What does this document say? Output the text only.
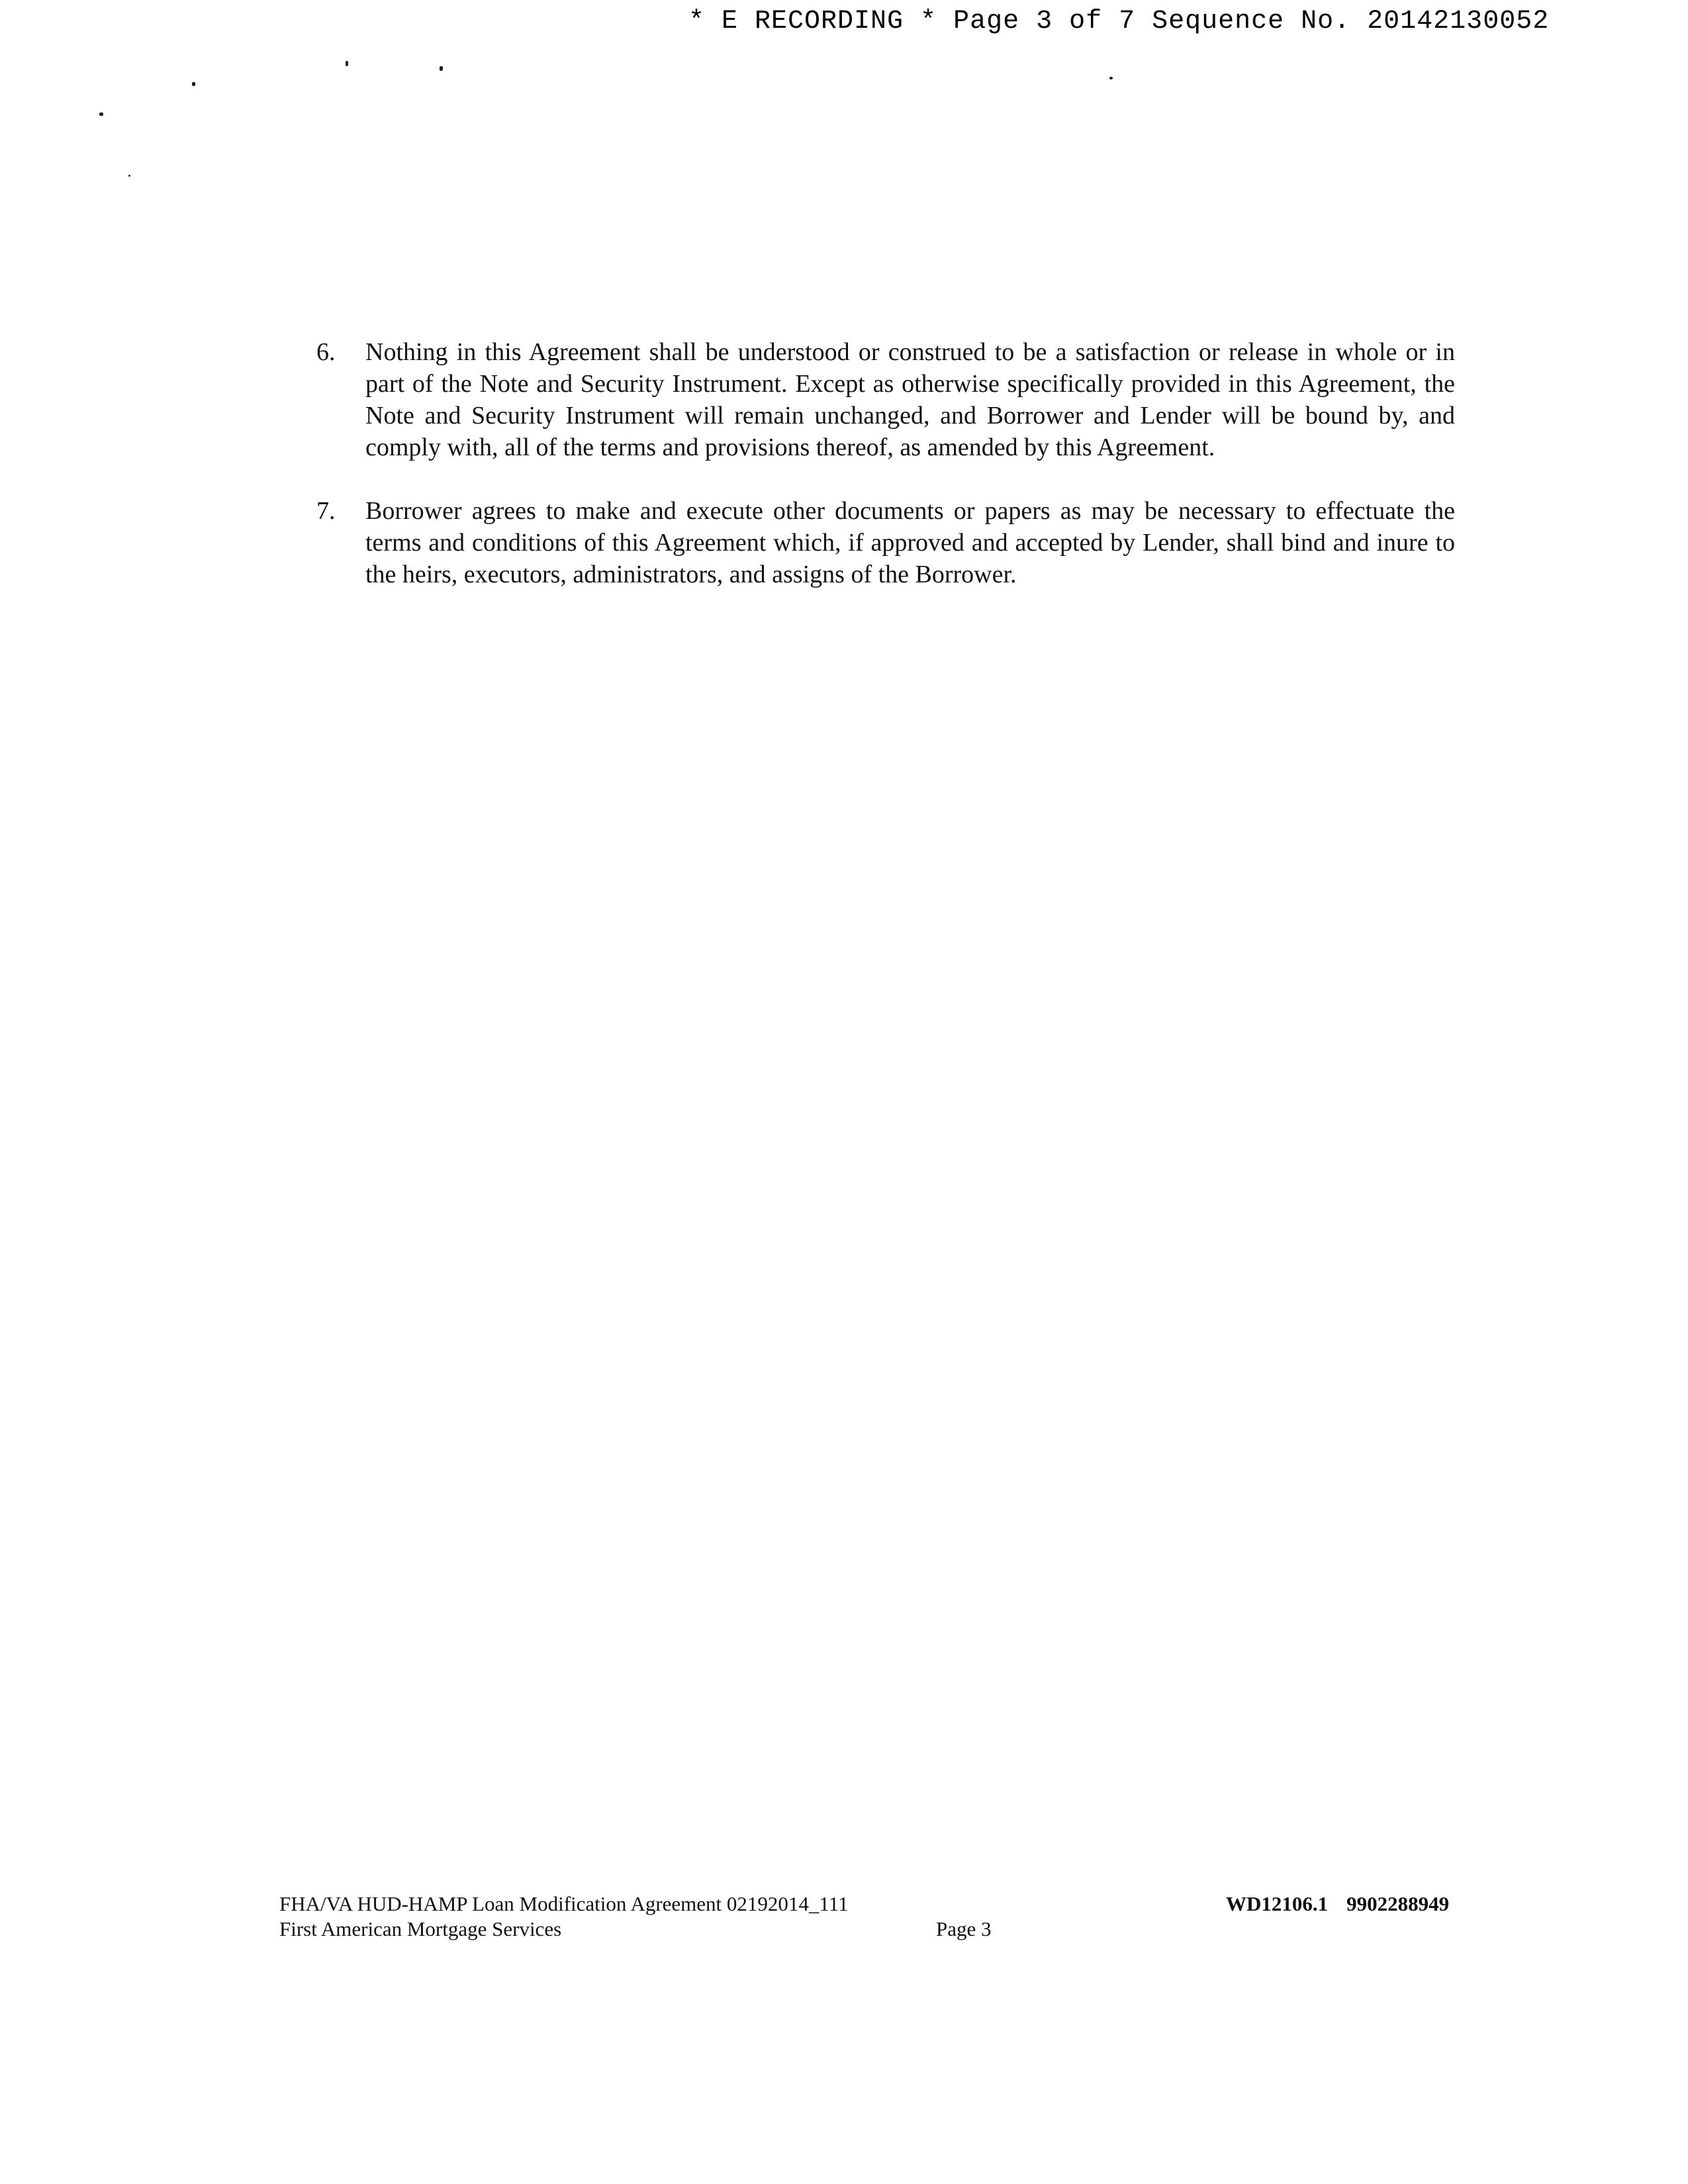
* E RECORDING * Page 3 of 7 Sequence No. 20142130052
6. Nothing in this Agreement shall be understood or construed to be a satisfaction or release in whole or in part of the Note and Security Instrument. Except as otherwise specifically provided in this Agreement, the Note and Security Instrument will remain unchanged, and Borrower and Lender will be bound by, and comply with, all of the terms and provisions thereof, as amended by this Agreement.
7. Borrower agrees to make and execute other documents or papers as may be necessary to effectuate the terms and conditions of this Agreement which, if approved and accepted by Lender, shall bind and inure to the heirs, executors, administrators, and assigns of the Borrower.
FHA/VA HUD-HAMP Loan Modification Agreement 02192014_111
First American Mortgage Services	Page 3
WD12106.1 9902288949
